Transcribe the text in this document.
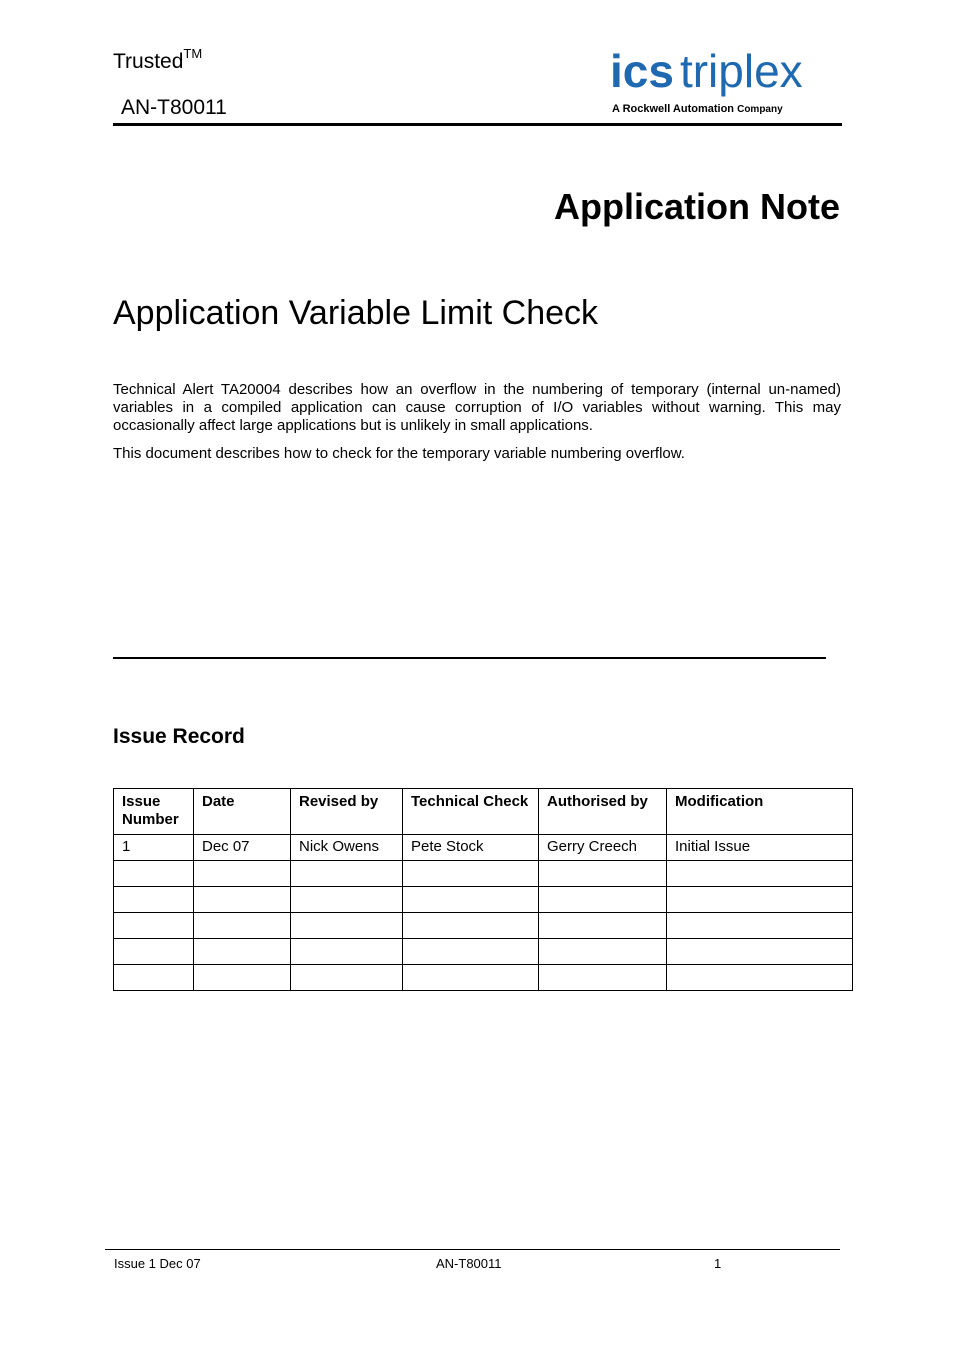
Trusted™
AN-T80011
ics triplex
A Rockwell Automation Company
Application Note
Application Variable Limit Check
Technical Alert TA20004 describes how an overflow in the numbering of temporary (internal un-named) variables in a compiled application can cause corruption of I/O variables without warning. This may occasionally affect large applications but is unlikely in small applications.
This document describes how to check for the temporary variable numbering overflow.
Issue Record
Issue Number	Date	Revised by	Technical Check	Authorised by	Modification
1	Dec 07	Nick Owens	Pete Stock	Gerry Creech	Initial Issue

Issue 1 Dec 07	AN-T80011	1
